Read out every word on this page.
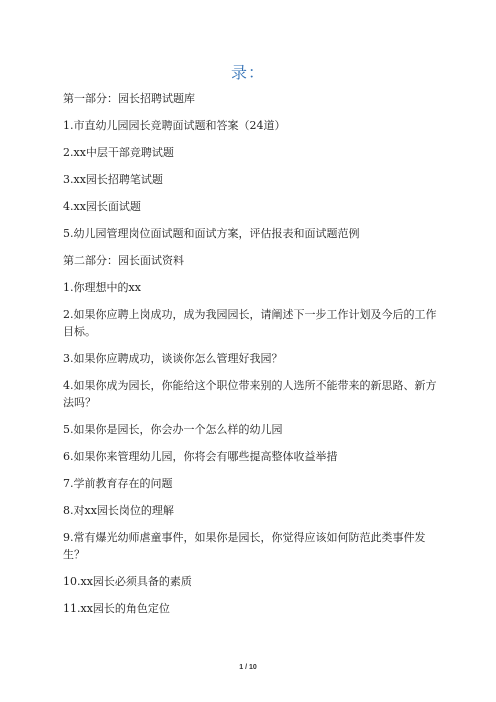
录：

第一部分：园长招聘试题库

1.市直幼儿园园长竞聘面试题和答案（24道）

2.xx中层干部竞聘试题

3.xx园长招聘笔试题

4.xx园长面试题

5.幼儿园管理岗位面试题和面试方案，评估报表和面试题范例

第二部分：园长面试资料

1.你理想中的xx

2.如果你应聘上岗成功，成为我园园长，请阐述下一步工作计划及今后的工作目标。

3.如果你应聘成功，谈谈你怎么管理好我园？

4.如果你成为园长，你能给这个职位带来别的人选所不能带来的新思路、新方法吗？

5.如果你是园长，你会办一个怎么样的幼儿园

6.如果你来管理幼儿园，你将会有哪些提高整体收益举措

7.学前教育存在的问题

8.对xx园长岗位的理解

9.常有爆光幼师虐童事件，如果你是园长，你觉得应该如何防范此类事件发生？

10.xx园长必须具备的素质

11.xx园长的角色定位

1 / 10
